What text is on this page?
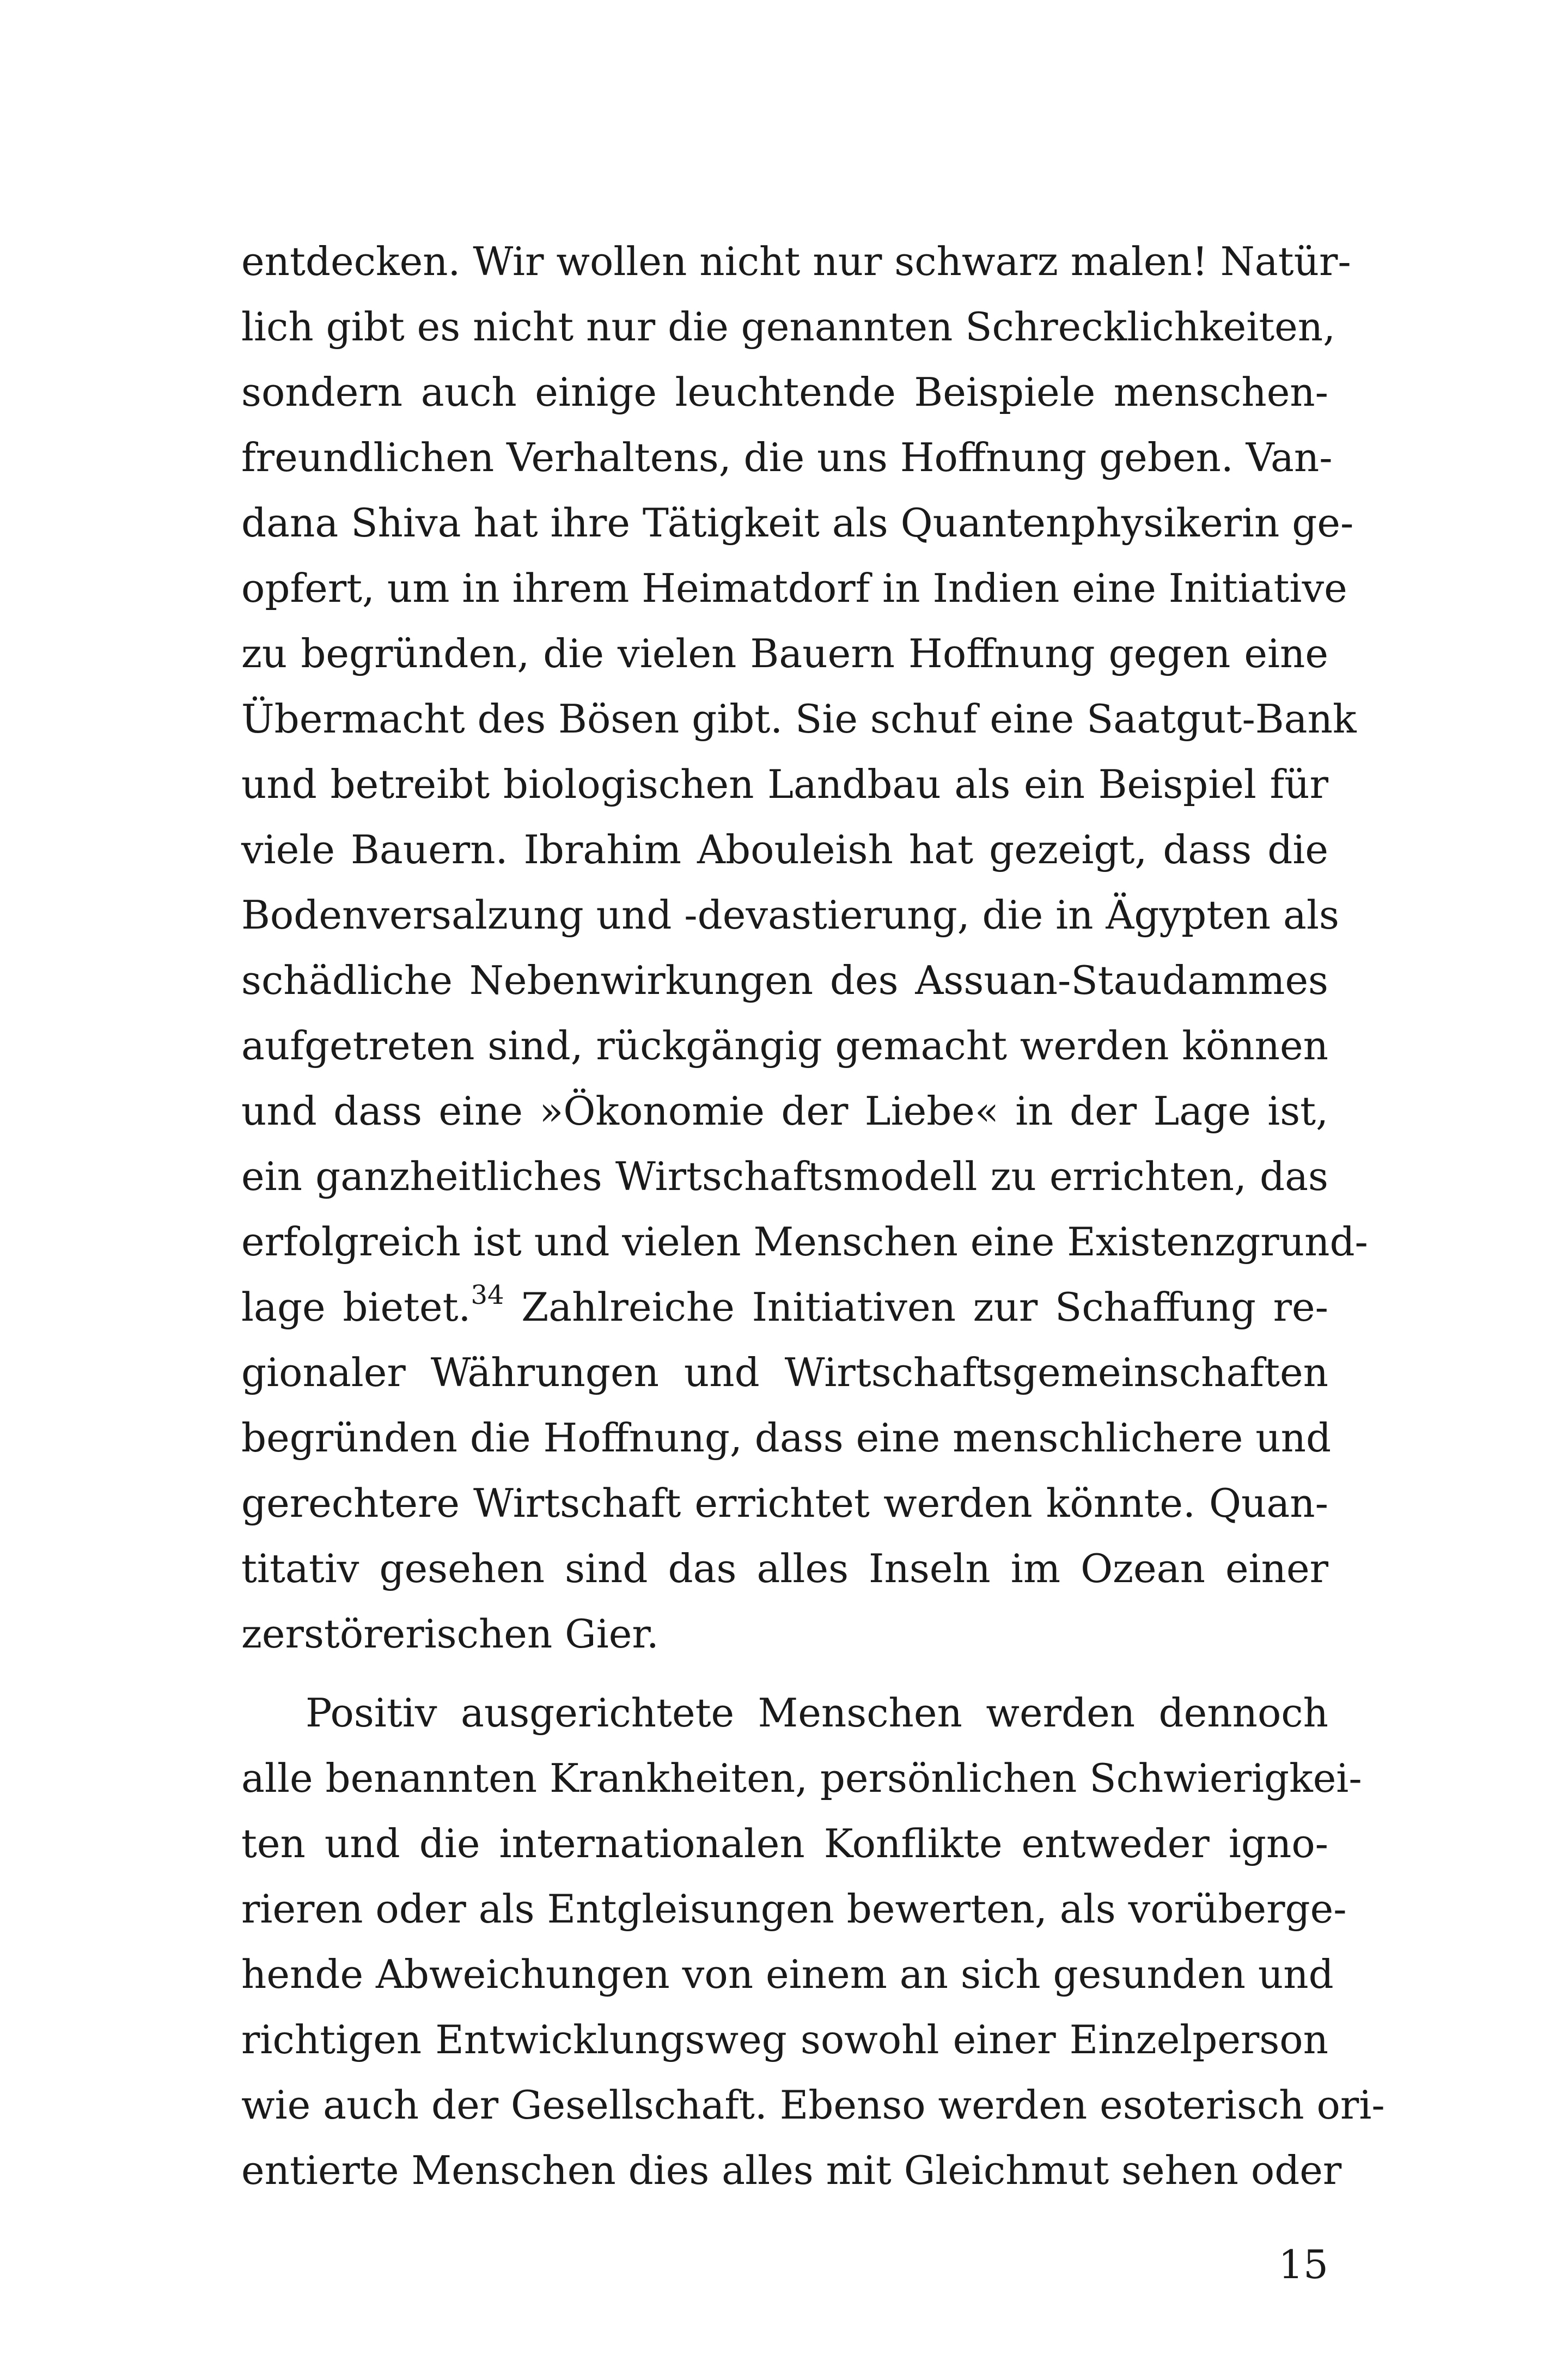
entdecken. Wir wollen nicht nur schwarz malen! Natür-
lich gibt es nicht nur die genannten Schrecklichkeiten,
sondern auch einige leuchtende Beispiele menschen-
freundlichen Verhaltens, die uns Hoffnung geben. Van-
dana Shiva hat ihre Tätigkeit als Quantenphysikerin ge-
opfert, um in ihrem Heimatdorf in Indien eine Initiative
zu begründen, die vielen Bauern Hoffnung gegen eine
Übermacht des Bösen gibt. Sie schuf eine Saatgut-Bank
und betreibt biologischen Landbau als ein Beispiel für
viele Bauern. Ibrahim Abouleish hat gezeigt, dass die
Bodenversalzung und -devastierung, die in Ägypten als
schädliche Nebenwirkungen des Assuan-Staudammes
aufgetreten sind, rückgängig gemacht werden können
und dass eine »Ökonomie der Liebe« in der Lage ist,
ein ganzheitliches Wirtschaftsmodell zu errichten, das
erfolgreich ist und vielen Menschen eine Existenzgrund-
lage bietet.$^{34}$ Zahlreiche Initiativen zur Schaffung re-
gionaler Währungen und Wirtschaftsgemeinschaften
begründen die Hoffnung, dass eine menschlichere und
gerechtere Wirtschaft errichtet werden könnte. Quan-
titativ gesehen sind das alles Inseln im Ozean einer
zerstörerischen Gier.
Positiv ausgerichtete Menschen werden dennoch
alle benannten Krankheiten, persönlichen Schwierigkei-
ten und die internationalen Konflikte entweder igno-
rieren oder als Entgleisungen bewerten, als vorüberge-
hende Abweichungen von einem an sich gesunden und
richtigen Entwicklungsweg sowohl einer Einzelperson
wie auch der Gesellschaft. Ebenso werden esoterisch ori-
entierte Menschen dies alles mit Gleichmut sehen oder
15
